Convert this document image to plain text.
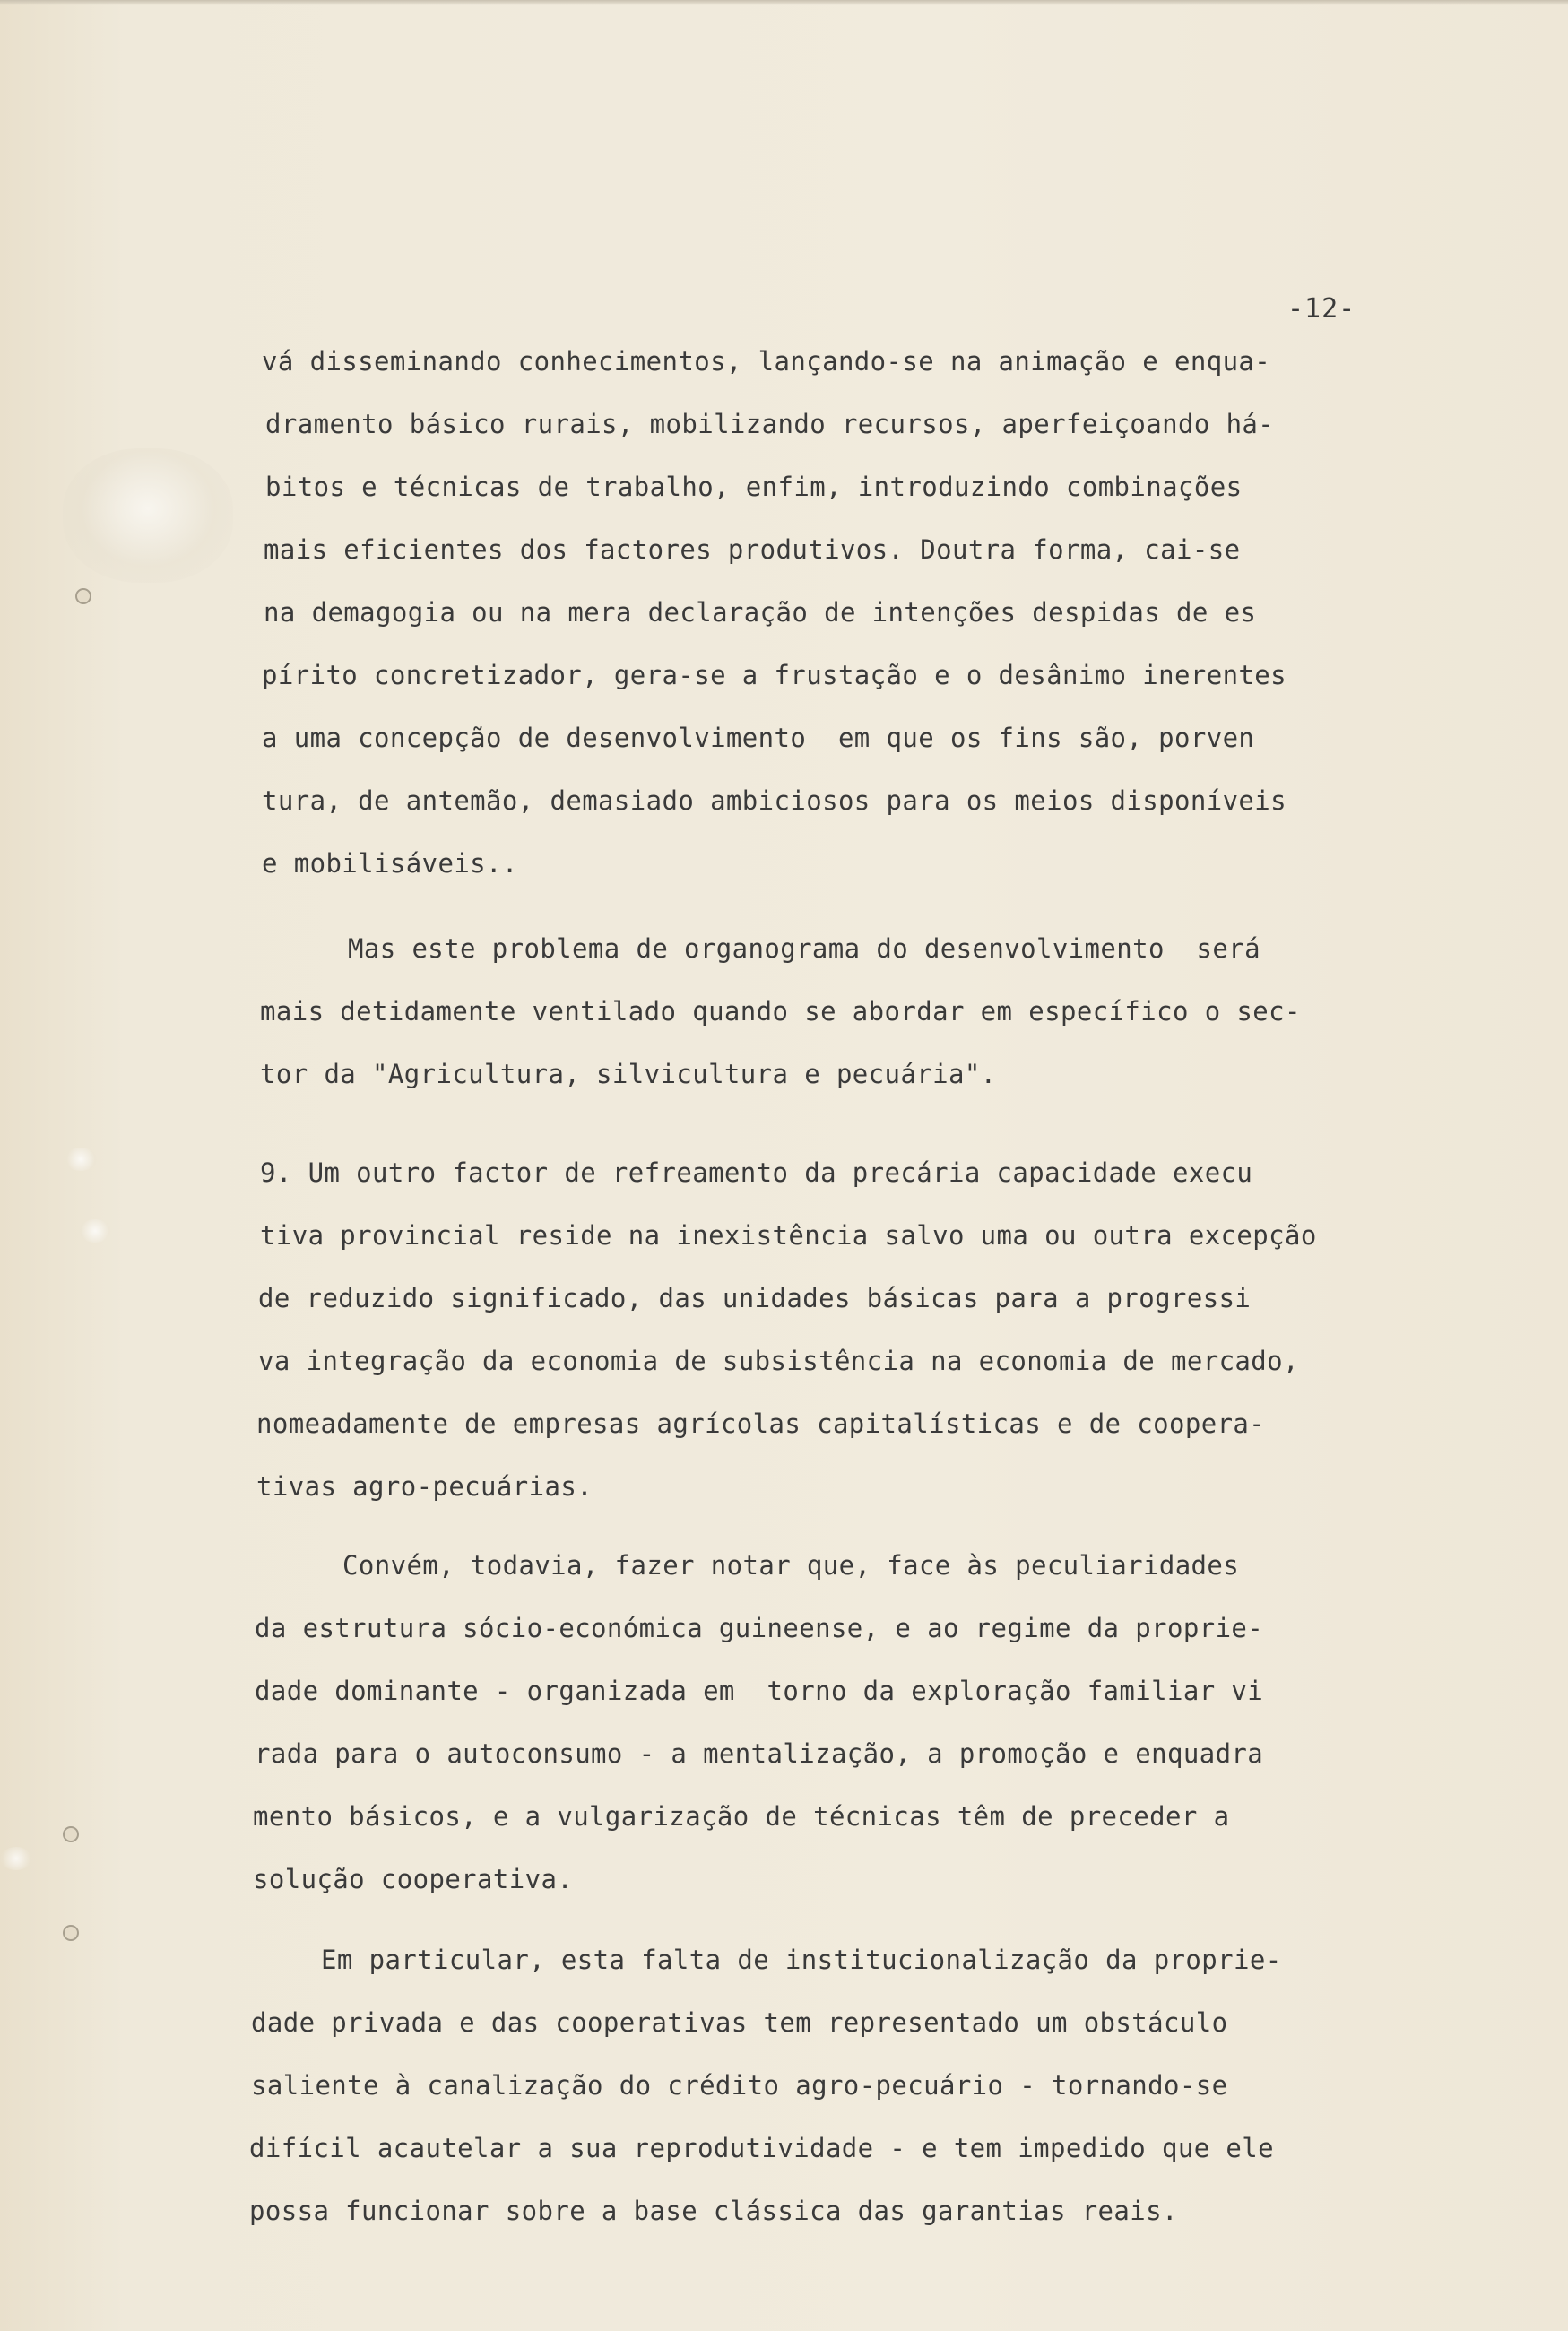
-12-
vá disseminando conhecimentos, lançando-se na animação e enqua-
dramento básico rurais, mobilizando recursos, aperfeiçoando há-
bitos e técnicas de trabalho, enfim, introduzindo combinações
mais eficientes dos factores produtivos. Doutra forma, cai-se
na demagogia ou na mera declaração de intenções despidas de es
pírito concretizador, gera-se a frustação e o desânimo inerentes
a uma concepção de desenvolvimento  em que os fins são, porven
tura, de antemão, demasiado ambiciosos para os meios disponíveis
e mobilisáveis..
Mas este problema de organograma do desenvolvimento  será
mais detidamente ventilado quando se abordar em específico o sec-
tor da "Agricultura, silvicultura e pecuária".
9. Um outro factor de refreamento da precária capacidade execu
tiva provincial reside na inexistência salvo uma ou outra excepção
de reduzido significado, das unidades básicas para a progressi
va integração da economia de subsistência na economia de mercado,
nomeadamente de empresas agrícolas capitalísticas e de coopera-
tivas agro-pecuárias.
Convém, todavia, fazer notar que, face às peculiaridades
da estrutura sócio-económica guineense, e ao regime da proprie-
dade dominante - organizada em  torno da exploração familiar vi
rada para o autoconsumo - a mentalização, a promoção e enquadra
mento básicos, e a vulgarização de técnicas têm de preceder a
solução cooperativa.
Em particular, esta falta de institucionalização da proprie-
dade privada e das cooperativas tem representado um obstáculo
saliente à canalização do crédito agro-pecuário - tornando-se
difícil acautelar a sua reprodutividade - e tem impedido que ele
possa funcionar sobre a base clássica das garantias reais.
